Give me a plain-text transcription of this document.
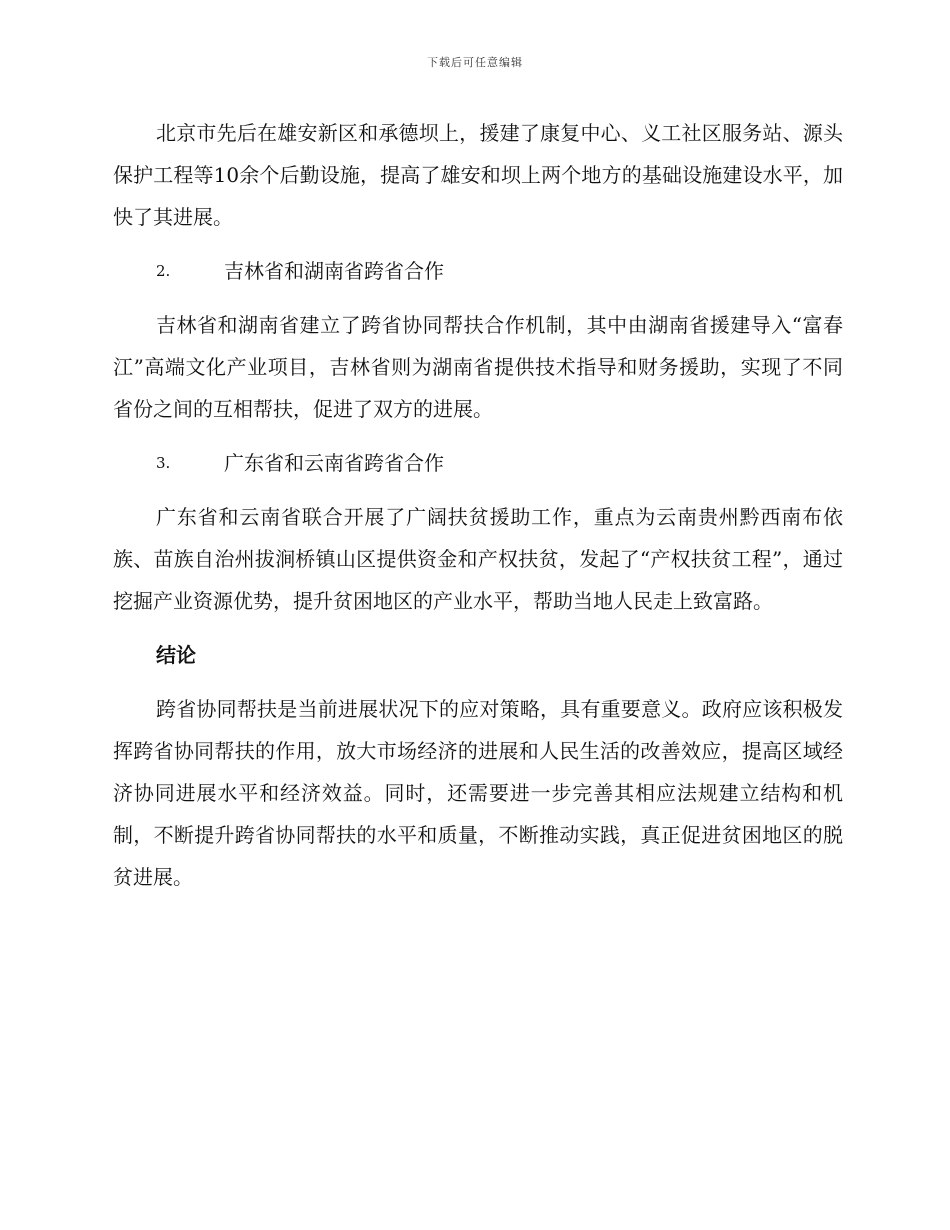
下载后可任意编辑

北京市先后在雄安新区和承德坝上，援建了康复中心、义工社区服务站、源头保护工程等10余个后勤设施，提高了雄安和坝上两个地方的基础设施建设水平，加快了其进展。

2.	吉林省和湖南省跨省合作

吉林省和湖南省建立了跨省协同帮扶合作机制，其中由湖南省援建导入“富春江”高端文化产业项目，吉林省则为湖南省提供技术指导和财务援助，实现了不同省份之间的互相帮扶，促进了双方的进展。

3.	广东省和云南省跨省合作

广东省和云南省联合开展了广阔扶贫援助工作，重点为云南贵州黔西南布依族、苗族自治州拔涧桥镇山区提供资金和产权扶贫，发起了“产权扶贫工程”，通过挖掘产业资源优势，提升贫困地区的产业水平，帮助当地人民走上致富路。

结论

跨省协同帮扶是当前进展状况下的应对策略，具有重要意义。政府应该积极发挥跨省协同帮扶的作用，放大市场经济的进展和人民生活的改善效应，提高区域经济协同进展水平和经济效益。同时，还需要进一步完善其相应法规建立结构和机制，不断提升跨省协同帮扶的水平和质量，不断推动实践，真正促进贫困地区的脱贫进展。
